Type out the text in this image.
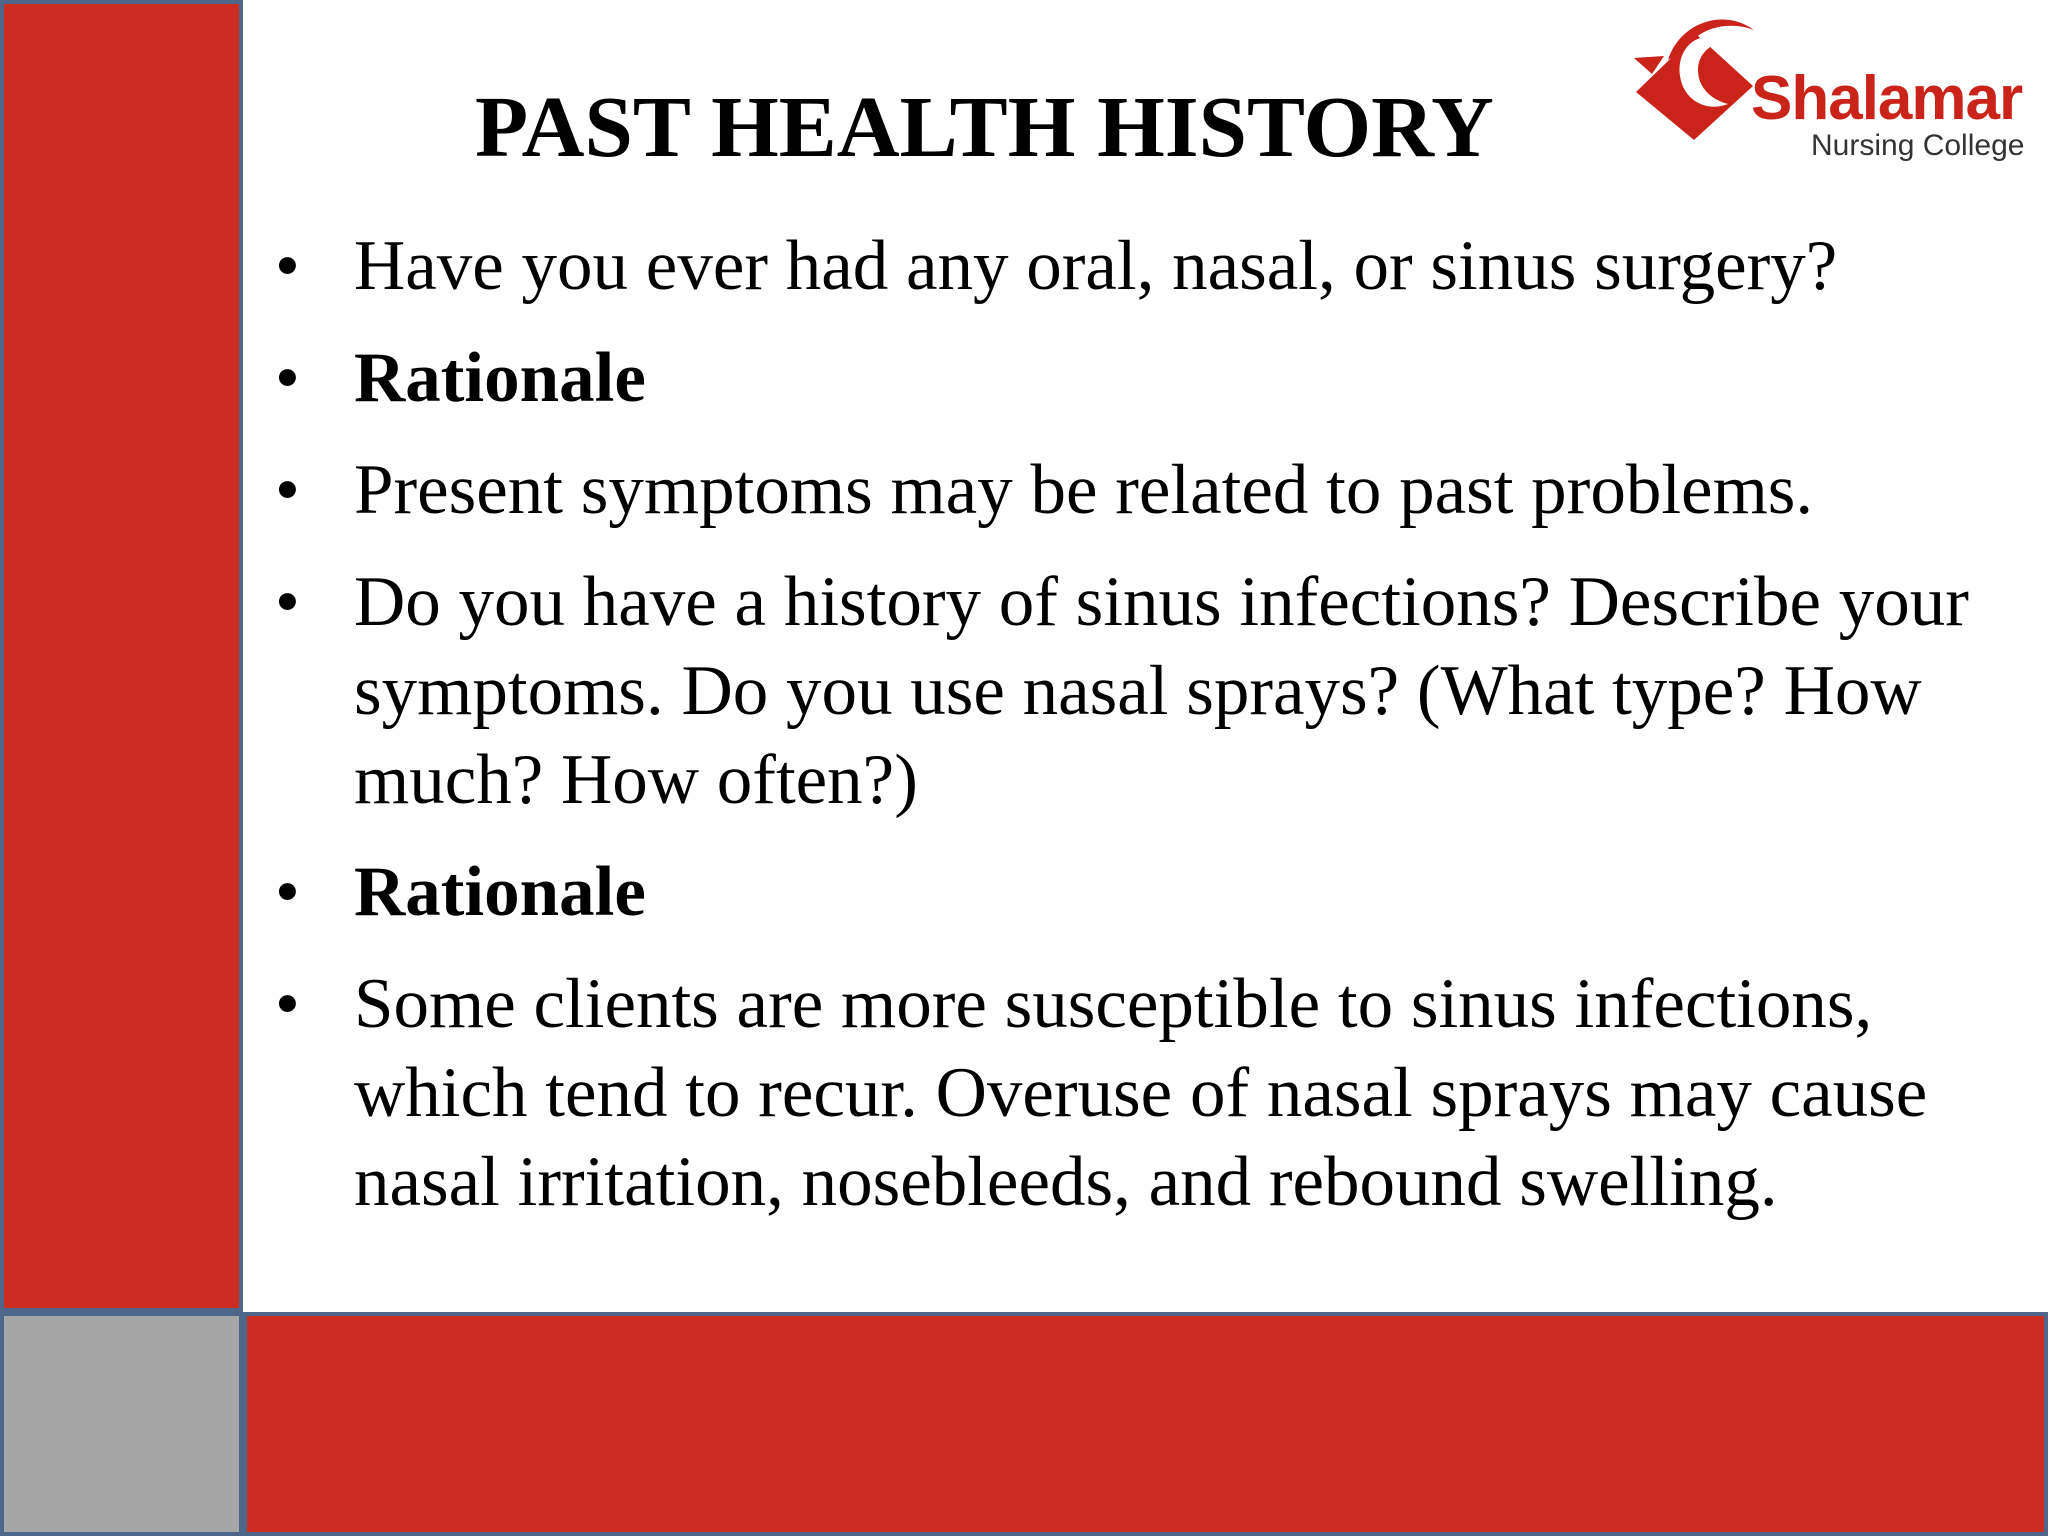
PAST HEALTH HISTORY	Shalamar
Nursing College
• Have you ever had any oral, nasal, or sinus surgery?
• Rationale
• Present symptoms may be related to past problems.
• Do you have a history of sinus infections? Describe your symptoms. Do you use nasal sprays? (What type? How much? How often?)
• Rationale
• Some clients are more susceptible to sinus infections, which tend to recur. Overuse of nasal sprays may cause nasal irritation, nosebleeds, and rebound swelling.
